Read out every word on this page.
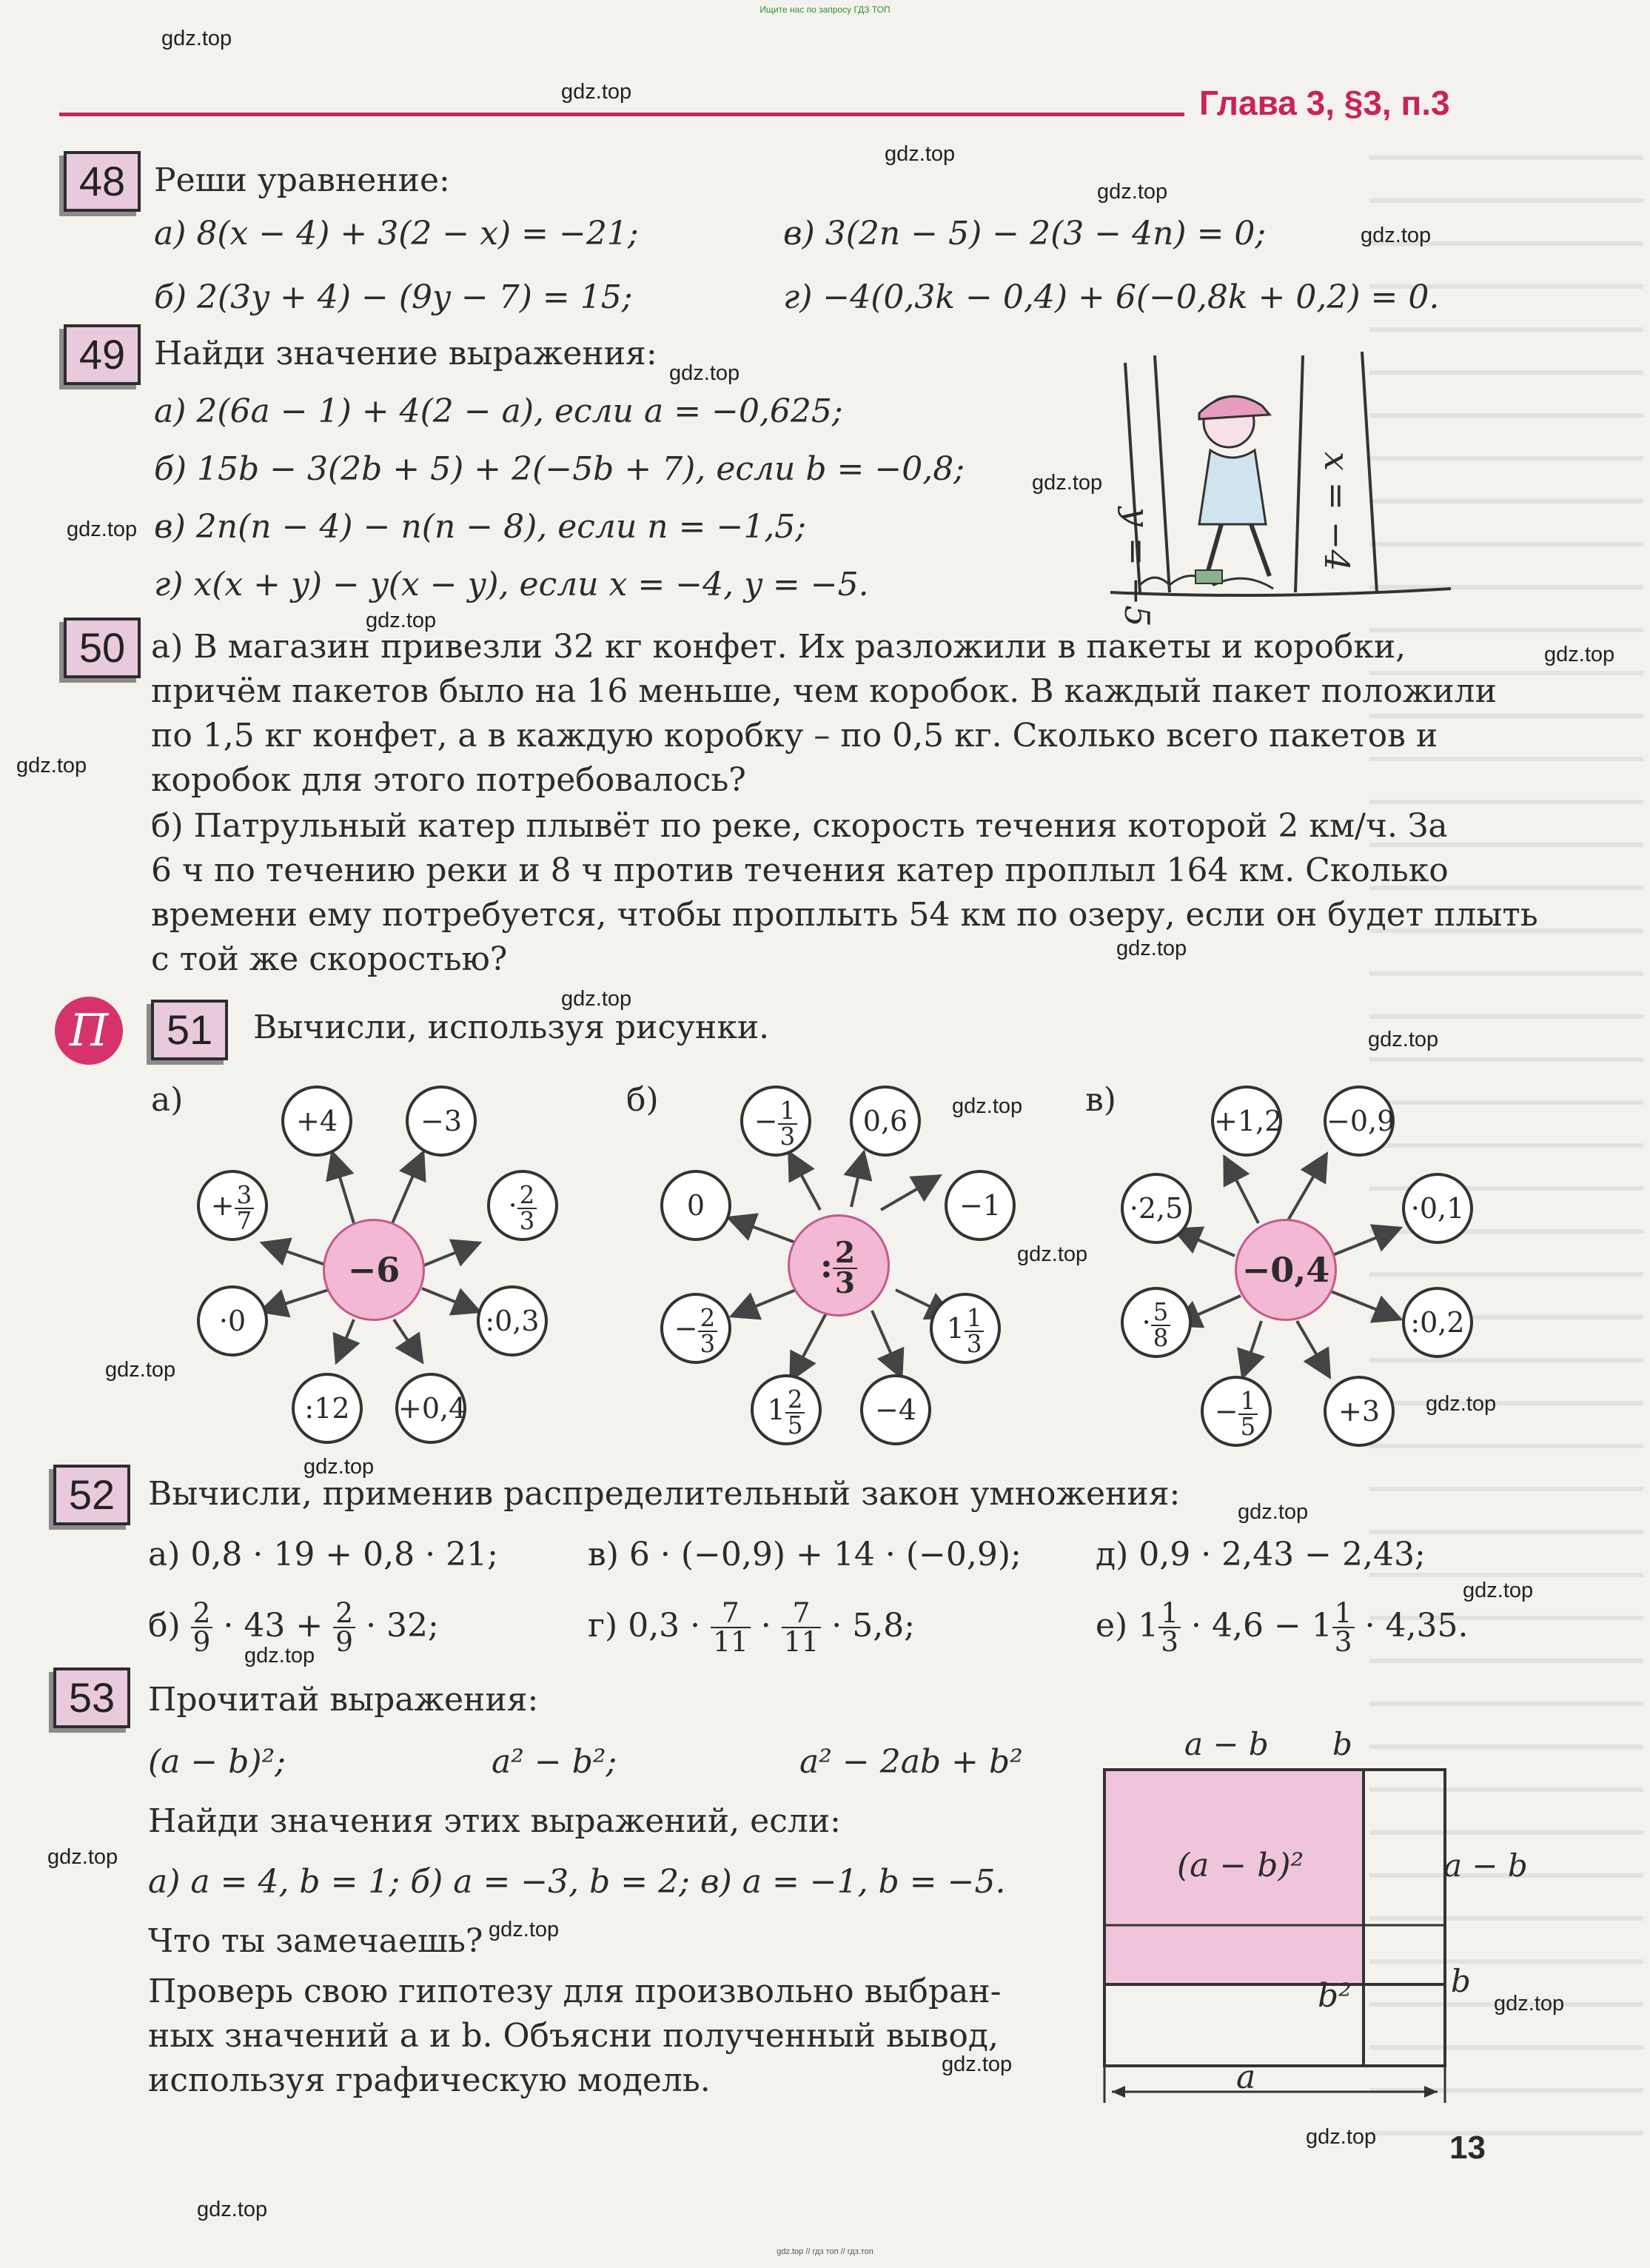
Ищите нас по запросу ГДЗ ТОП
gdz.top
gdz.top
gdz.top
gdz.top
gdz.top
gdz.top
gdz.top
gdz.top
gdz.top
gdz.top
gdz.top
gdz.top
gdz.top
gdz.top
gdz.top
gdz.top
gdz.top
gdz.top
gdz.top
gdz.top
gdz.top
gdz.top
gdz.top
gdz.top
gdz.top
gdz.top
gdz.top
gdz.top
Глава 3, §3, п.3
48 Реши уравнение:
а) 8(x − 4) + 3(2 − x) = −21;	в) 3(2n − 5) − 2(3 − 4n) = 0;
б) 2(3y + 4) − (9y − 7) = 15;	г) −4(0,3k − 0,4) + 6(−0,8k + 0,2) = 0.
49 Найди значение выражения:
а) 2(6a − 1) + 4(2 − a), если a = −0,625;
б) 15b − 3(2b + 5) + 2(−5b + 7), если b = −0,8;
в) 2n(n − 4) − n(n − 8), если n = −1,5;
г) x(x + y) − y(x − y), если x = −4, y = −5.	y = −5	x = −4
50 а) В магазин привезли 32 кг конфет. Их разложили в пакеты и коробки,
причём пакетов было на 16 меньше, чем коробок. В каждый пакет положили
по 1,5 кг конфет, а в каждую коробку – по 0,5 кг. Сколько всего пакетов и
коробок для этого потребовалось?
б) Патрульный катер плывёт по реке, скорость течения которой 2 км/ч. За
6 ч по течению реки и 8 ч против течения катер проплыл 164 км. Сколько
времени ему потребуется, чтобы проплыть 54 км по озеру, если он будет плыть
с той же скоростью?
П	51	Вычисли, используя рисунки.
а)	б)	в)
−6
+4	−3
+ $\frac{3}{7}$	· $\frac{2}{3}$
·0	:0,3
:12	+0,4
: $\frac{2}{3}$
− $\frac{1}{3}$	0,6
0	−1
− $\frac{2}{3}$	$1 \frac{1}{3}$
$1 \frac{2}{5}$	−4
−0,4
+1,2 −0,9
·2,5	·0,1
· $\frac{5}{8}$	:0,2
− $\frac{1}{5}$	+3
52	Вычисли, применив распределительный закон умножения:
а) 0,8 · 19 + 0,8 · 21;	в) 6 · (−0,9) + 14 · (−0,9); д) 0,9 · 2,43 − 2,43;
$б) \frac{2}{9} \cdot 43 + \frac{2}{9} \cdot 32$;	г) $0,3 \cdot \frac{7}{11} \cdot \frac{7}{11} \cdot 5,8$;	е) $1 \frac{1}{3} \cdot 4,6 - 1 \frac{1}{3} \cdot 4,35$.
53	Прочитай выражения:
(a − b)²;	a² − b²;	a² − 2ab + b²
Найди значения этих выражений, если:
а) a = 4, b = 1; б) a = −3, b = 2; в) a = −1, b = −5.
Что ты замечаешь?
Проверь свою гипотезу для произвольно выбран-
ных значений a и b. Объясни полученный вывод,
используя графическую модель.
a − b b
a − b
b
(a − b)²
b²
a
13
gdz.top // гдз топ // гдз.топ
